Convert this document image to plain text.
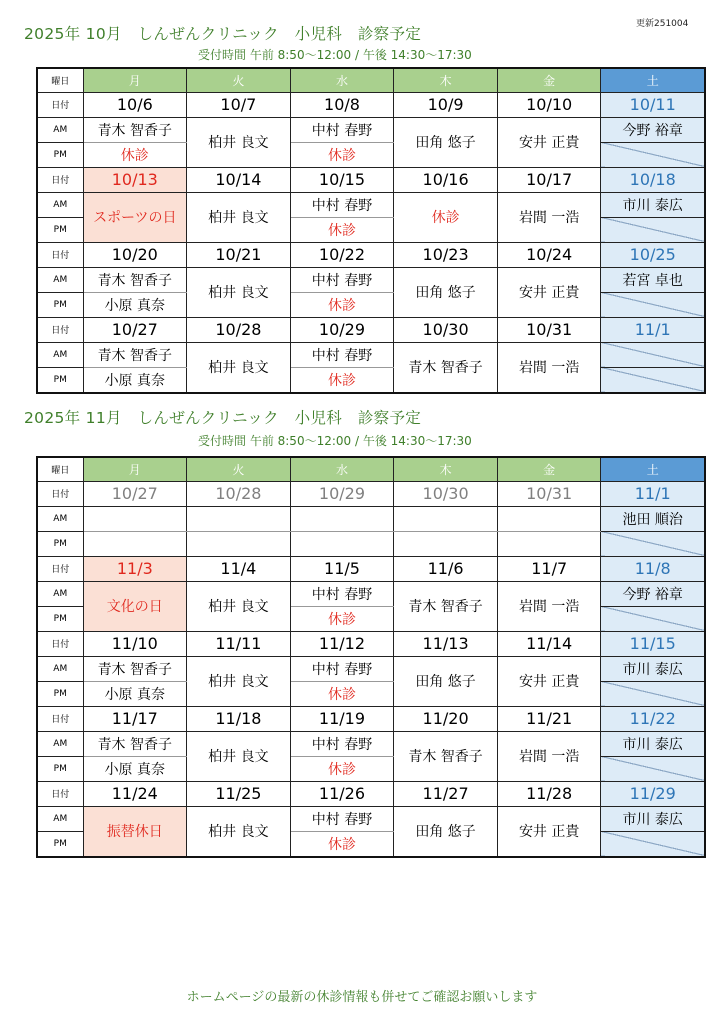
更新251004
2025年 10月　しんぜんクリニック　小児科　診察予定
受付時間 午前 8:50～12:00 / 午後 14:30～17:30
曜日	月	火	水	木	金	土
日付	10/6	10/7	10/8	10/9	10/10	10/11
AM	青木 智香子	柏井 良文	中村 春野	田角 悠子	安井 正貴	今野 裕章
PM	休診		休診			
日付	10/13	10/14	10/15	10/16	10/17	10/18
AM	スポーツの日	柏井 良文	中村 春野	休診	岩間 一浩	市川 泰広
PM			休診			
日付	10/20	10/21	10/22	10/23	10/24	10/25
AM	青木 智香子	柏井 良文	中村 春野	田角 悠子	安井 正貴	若宮 卓也
PM	小原 真奈		休診			
日付	10/27	10/28	10/29	10/30	10/31	11/1
AM	青木 智香子	柏井 良文	中村 春野	青木 智香子	岩間 一浩	
PM	小原 真奈		休診			
2025年 11月　しんぜんクリニック　小児科　診察予定
受付時間 午前 8:50～12:00 / 午後 14:30～17:30
曜日	月	火	水	木	金	土
日付	10/27	10/28	10/29	10/30	10/31	11/1
AM						池田 順治
PM						
日付	11/3	11/4	11/5	11/6	11/7	11/8
AM	文化の日	柏井 良文	中村 春野	青木 智香子	岩間 一浩	今野 裕章
PM			休診			
日付	11/10	11/11	11/12	11/13	11/14	11/15
AM	青木 智香子	柏井 良文	中村 春野	田角 悠子	安井 正貴	市川 泰広
PM	小原 真奈		休診			
日付	11/17	11/18	11/19	11/20	11/21	11/22
AM	青木 智香子	柏井 良文	中村 春野	青木 智香子	岩間 一浩	市川 泰広
PM	小原 真奈		休診			
日付	11/24	11/25	11/26	11/27	11/28	11/29
AM	振替休日	柏井 良文	中村 春野	田角 悠子	安井 正貴	市川 泰広
PM			休診			
ホームページの最新の休診情報も併せてご確認お願いします
